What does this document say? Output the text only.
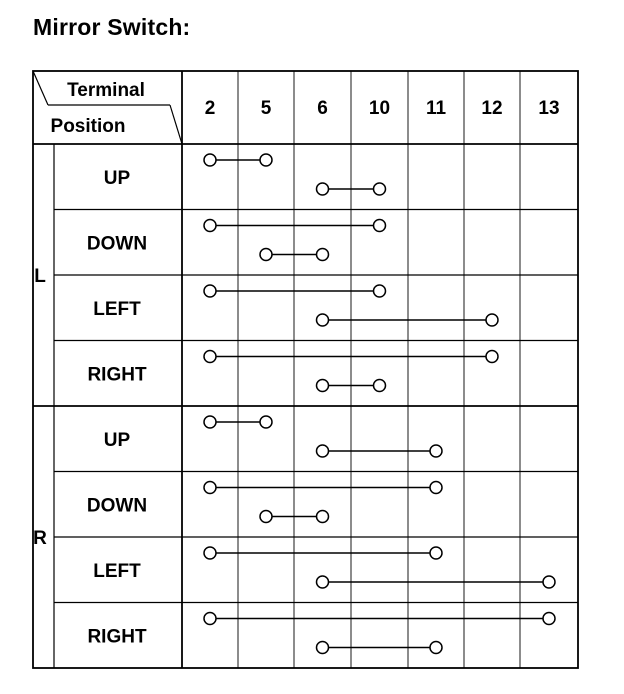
Mirror Switch:
Terminal
Position
2 5 6 10 11 12 13
L
UP
DOWN
LEFT
RIGHT
R
UP
DOWN
LEFT
RIGHT
